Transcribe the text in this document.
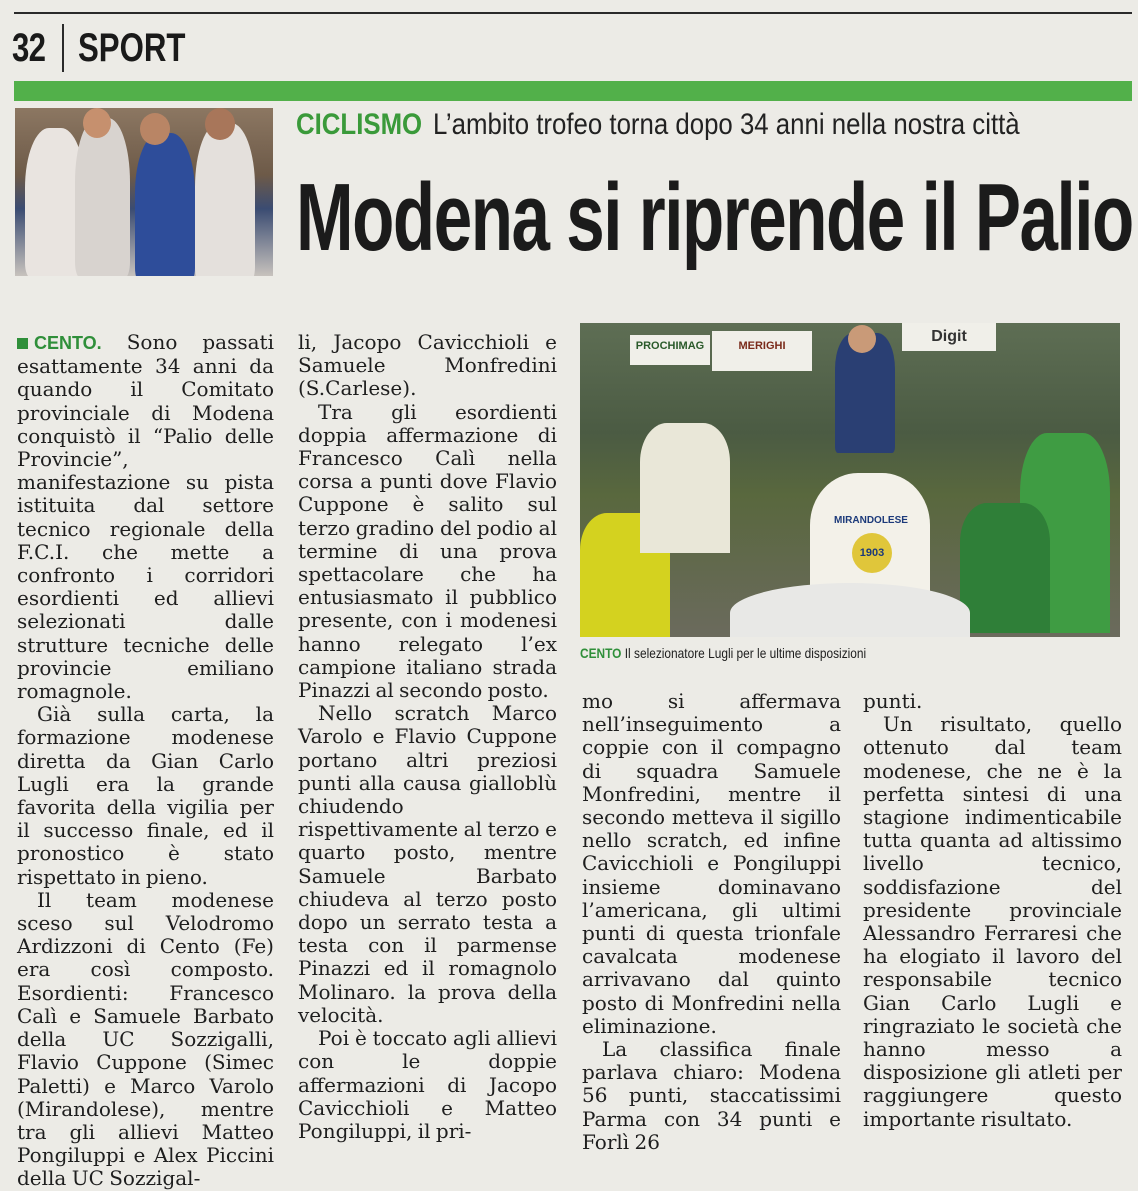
32 SPORT
CICLISMO L’ambito trofeo torna dopo 34 anni nella nostra città
Modena si riprende il Palio

CENTO. Sono passati esattamente 34 anni da quando il Comitato provinciale di Modena conquistò il “Palio delle Provincie”, manifestazione su pista istituita dal settore tecnico regionale della F.C.I. che mette a confronto i corridori esordienti ed allievi selezionati dalle strutture tecniche delle provincie emiliano romagnole.

Già sulla carta, la formazione modenese diretta da Gian Carlo Lugli era la grande favorita della vigilia per il successo finale, ed il pronostico è stato rispettato in pieno.

Il team modenese sceso sul Velodromo Ardizzoni di Cento (Fe) era così composto. Esordienti: Francesco Calì e Samuele Barbato della UC Sozzigalli, Flavio Cuppone (Simec Paletti) e Marco Varolo (Mirandolese), mentre tra gli allievi Matteo Pongiluppi e Alex Piccini della UC Sozzigal-

li, Jacopo Cavicchioli e Samuele Monfredini (S.Carlese).

Tra gli esordienti doppia affermazione di Francesco Calì nella corsa a punti dove Flavio Cuppone è salito sul terzo gradino del podio al termine di una prova spettacolare che ha entusiasmato il pubblico presente, con i modenesi hanno relegato l’ex campione italiano strada Pinazzi al secondo posto.

Nello scratch Marco Varolo e Flavio Cuppone portano altri preziosi punti alla causa gialloblù chiudendo rispettivamente al terzo e quarto posto, mentre Samuele Barbato chiudeva al terzo posto dopo un serrato testa a testa con il parmense Pinazzi ed il romagnolo Molinaro. la prova della velocità.

Poi è toccato agli allievi con le doppie affermazioni di Jacopo Cavicchioli e Matteo Pongiluppi, il pri-

PROCHIMAG	MERIGHI
Digit
MIRANDOLESE
1903
CENTO Il selezionatore Lugli per le ultime disposizioni

mo si affermava nell’inseguimento a coppie con il compagno di squadra Samuele Monfredini, mentre il secondo metteva il sigillo nello scratch, ed infine Cavicchioli e Pongiluppi insieme dominavano l’americana, gli ultimi punti di questa trionfale cavalcata modenese arrivavano dal quinto posto di Monfredini nella eliminazione.

La classifica finale parlava chiaro: Modena 56 punti, staccatissimi Parma con 34 punti e Forlì 26

punti.

Un risultato, quello ottenuto dal team modenese, che ne è la perfetta sintesi di una stagione indimenticabile tutta quanta ad altissimo livello tecnico, soddisfazione del presidente provinciale Alessandro Ferraresi che ha elogiato il lavoro del responsabile tecnico Gian Carlo Lugli e ringraziato le società che hanno messo a disposizione gli atleti per raggiungere questo importante risultato.
